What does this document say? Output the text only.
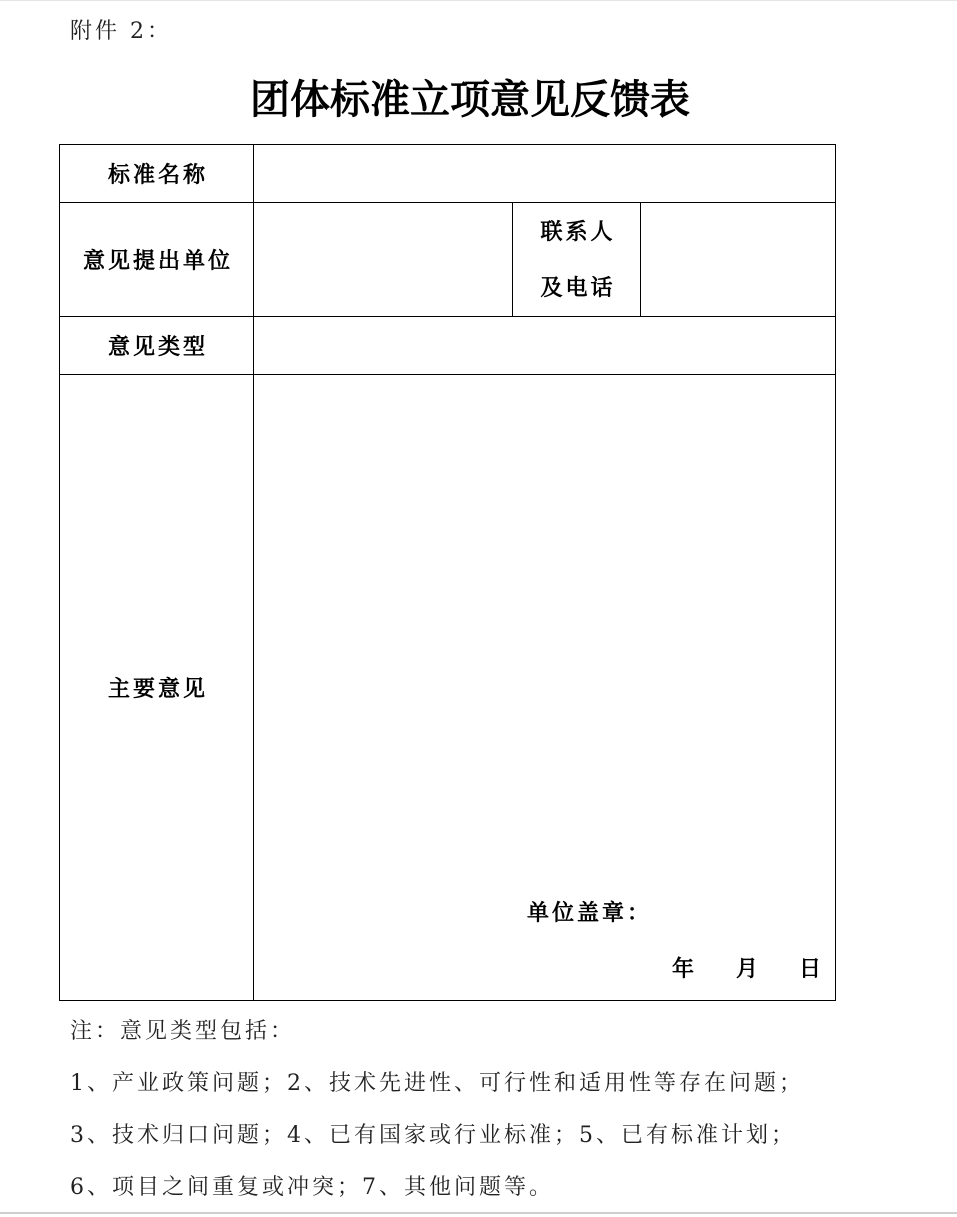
附件 2：
团体标准立项意见反馈表
标准名称			
意见提出单位		联系人
及电话	

意见类型			
主要意见	单位盖章：
年 月 日		
注：意见类型包括：
1、产业政策问题；2、技术先进性、可行性和适用性等存在问题；
3、技术归口问题；4、已有国家或行业标准；5、已有标准计划；
6、项目之间重复或冲突；7、其他问题等。
